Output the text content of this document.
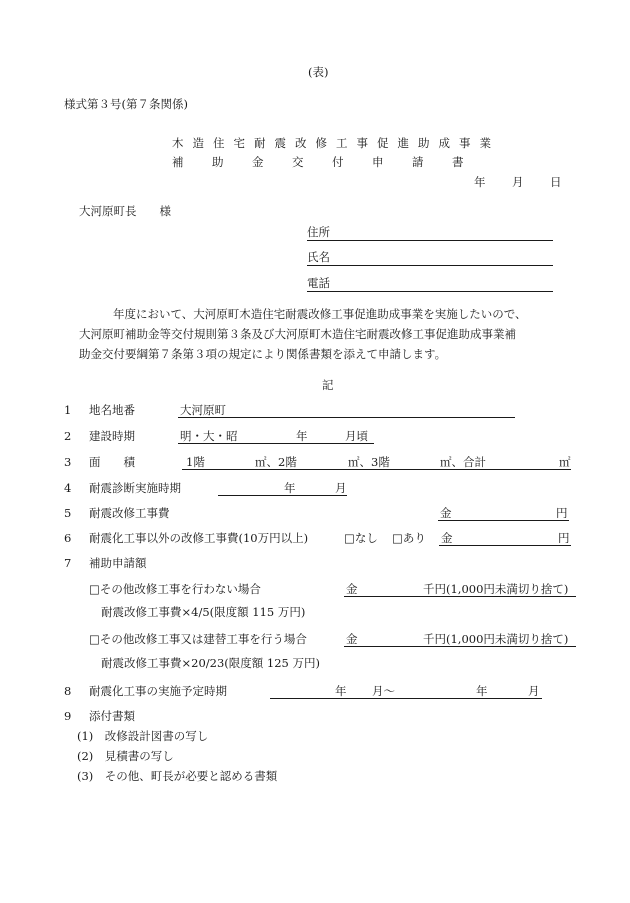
(表)
様式第３号(第７条関係)
木造住宅耐震改修工事促進助成事業
補 助 金 交 付 申 請 書
年 月 日
大河原町長　　様
住所
氏名
電話
年度において、大河原町木造住宅耐震改修工事促進助成事業を実施したいので、
大河原町補助金等交付規則第３条及び大河原町木造住宅耐震改修工事促進助成事業補
助金交付要綱第７条第３項の規定により関係書類を添えて申請します。
記
1 地名地番	大河原町
2 建設時期	明・大・昭	年	月頃
3 面　　積	1階	㎡、2階	㎡、3階	㎡、合計	㎡
4 耐震診断実施時期	年	月
5 耐震改修工事費	金	円
6 耐震化工事以外の改修工事費(10万円以上)	□なし □あり 金	円
7 補助申請額
□その他改修工事を行わない場合	金	千円(1,000円未満切り捨て)
耐震改修工事費×4/5(限度額 115 万円)
□その他改修工事又は建替工事を行う場合	金	千円(1,000円未満切り捨て)
耐震改修工事費×20/23(限度額 125 万円)
8 耐震化工事の実施予定時期	年 月～	年	月
9 添付書類
(1)　改修設計図書の写し
(2)　見積書の写し
(3)　その他、町長が必要と認める書類
